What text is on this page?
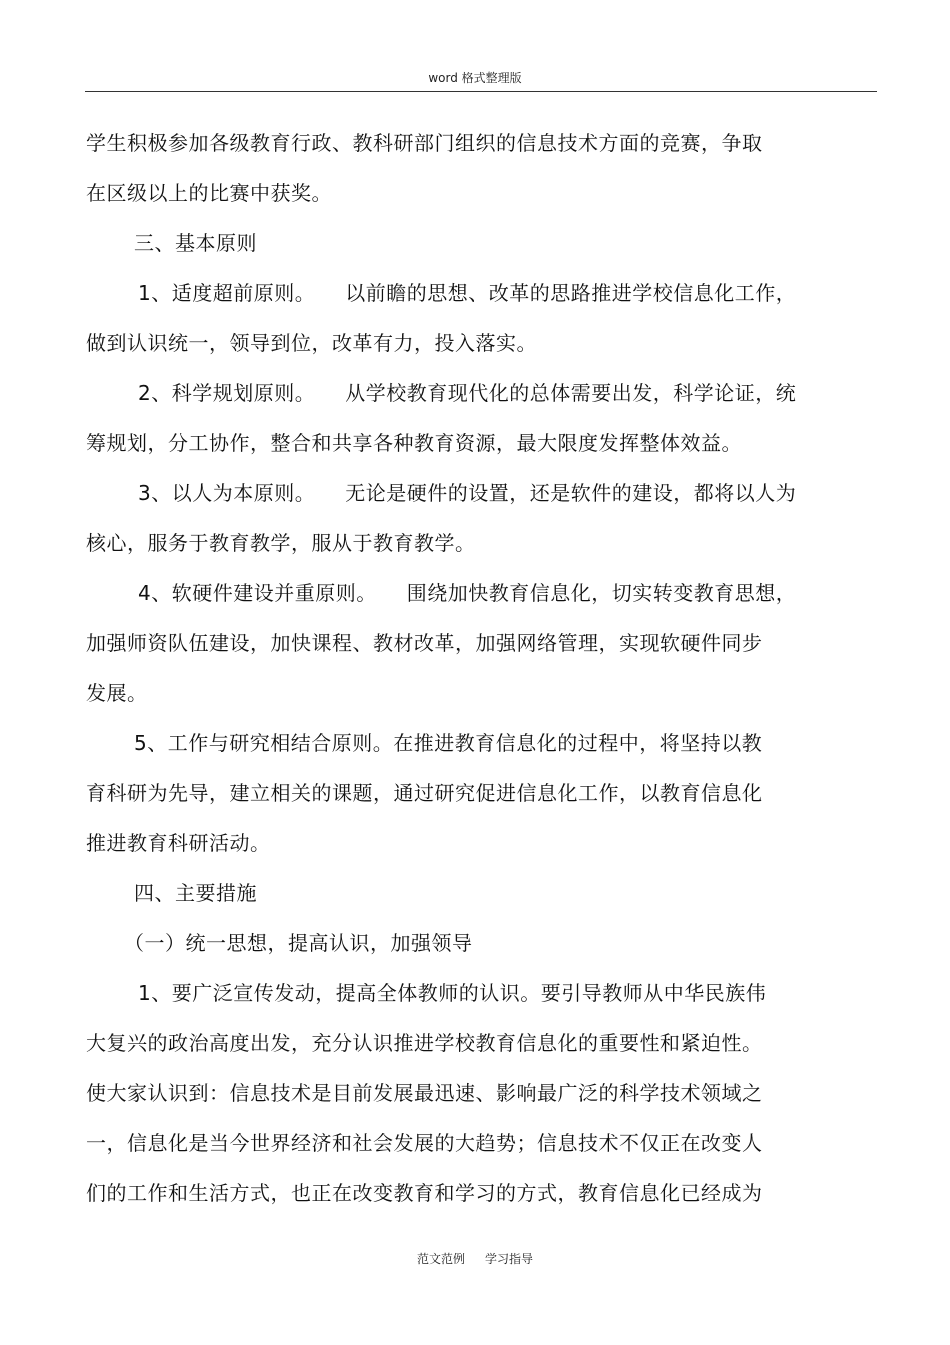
word 格式整理版
学生积极参加各级教育行政、教科研部门组织的信息技术方面的竞赛，争取
在区级以上的比赛中获奖。
三、基本原则
1、适度超前原则。 以前瞻的思想、改革的思路推进学校信息化工作，
做到认识统一，领导到位，改革有力，投入落实。
2、科学规划原则。 从学校教育现代化的总体需要出发，科学论证，统
筹规划，分工协作，整合和共享各种教育资源，最大限度发挥整体效益。
3、以人为本原则。 无论是硬件的设置，还是软件的建设，都将以人为
核心，服务于教育教学，服从于教育教学。
4、软硬件建设并重原则。 围绕加快教育信息化，切实转变教育思想，
加强师资队伍建设，加快课程、教材改革，加强网络管理，实现软硬件同步
发展。
5、工作与研究相结合原则。在推进教育信息化的过程中，将坚持以教
育科研为先导，建立相关的课题，通过研究促进信息化工作，以教育信息化
推进教育科研活动。
四、主要措施
（一）统一思想，提高认识，加强领导
1、要广泛宣传发动，提高全体教师的认识。要引导教师从中华民族伟
大复兴的政治高度出发，充分认识推进学校教育信息化的重要性和紧迫性。
使大家认识到：信息技术是目前发展最迅速、影响最广泛的科学技术领域之
一，信息化是当今世界经济和社会发展的大趋势；信息技术不仅正在改变人
们的工作和生活方式，也正在改变教育和学习的方式，教育信息化已经成为
范文范例 学习指导
